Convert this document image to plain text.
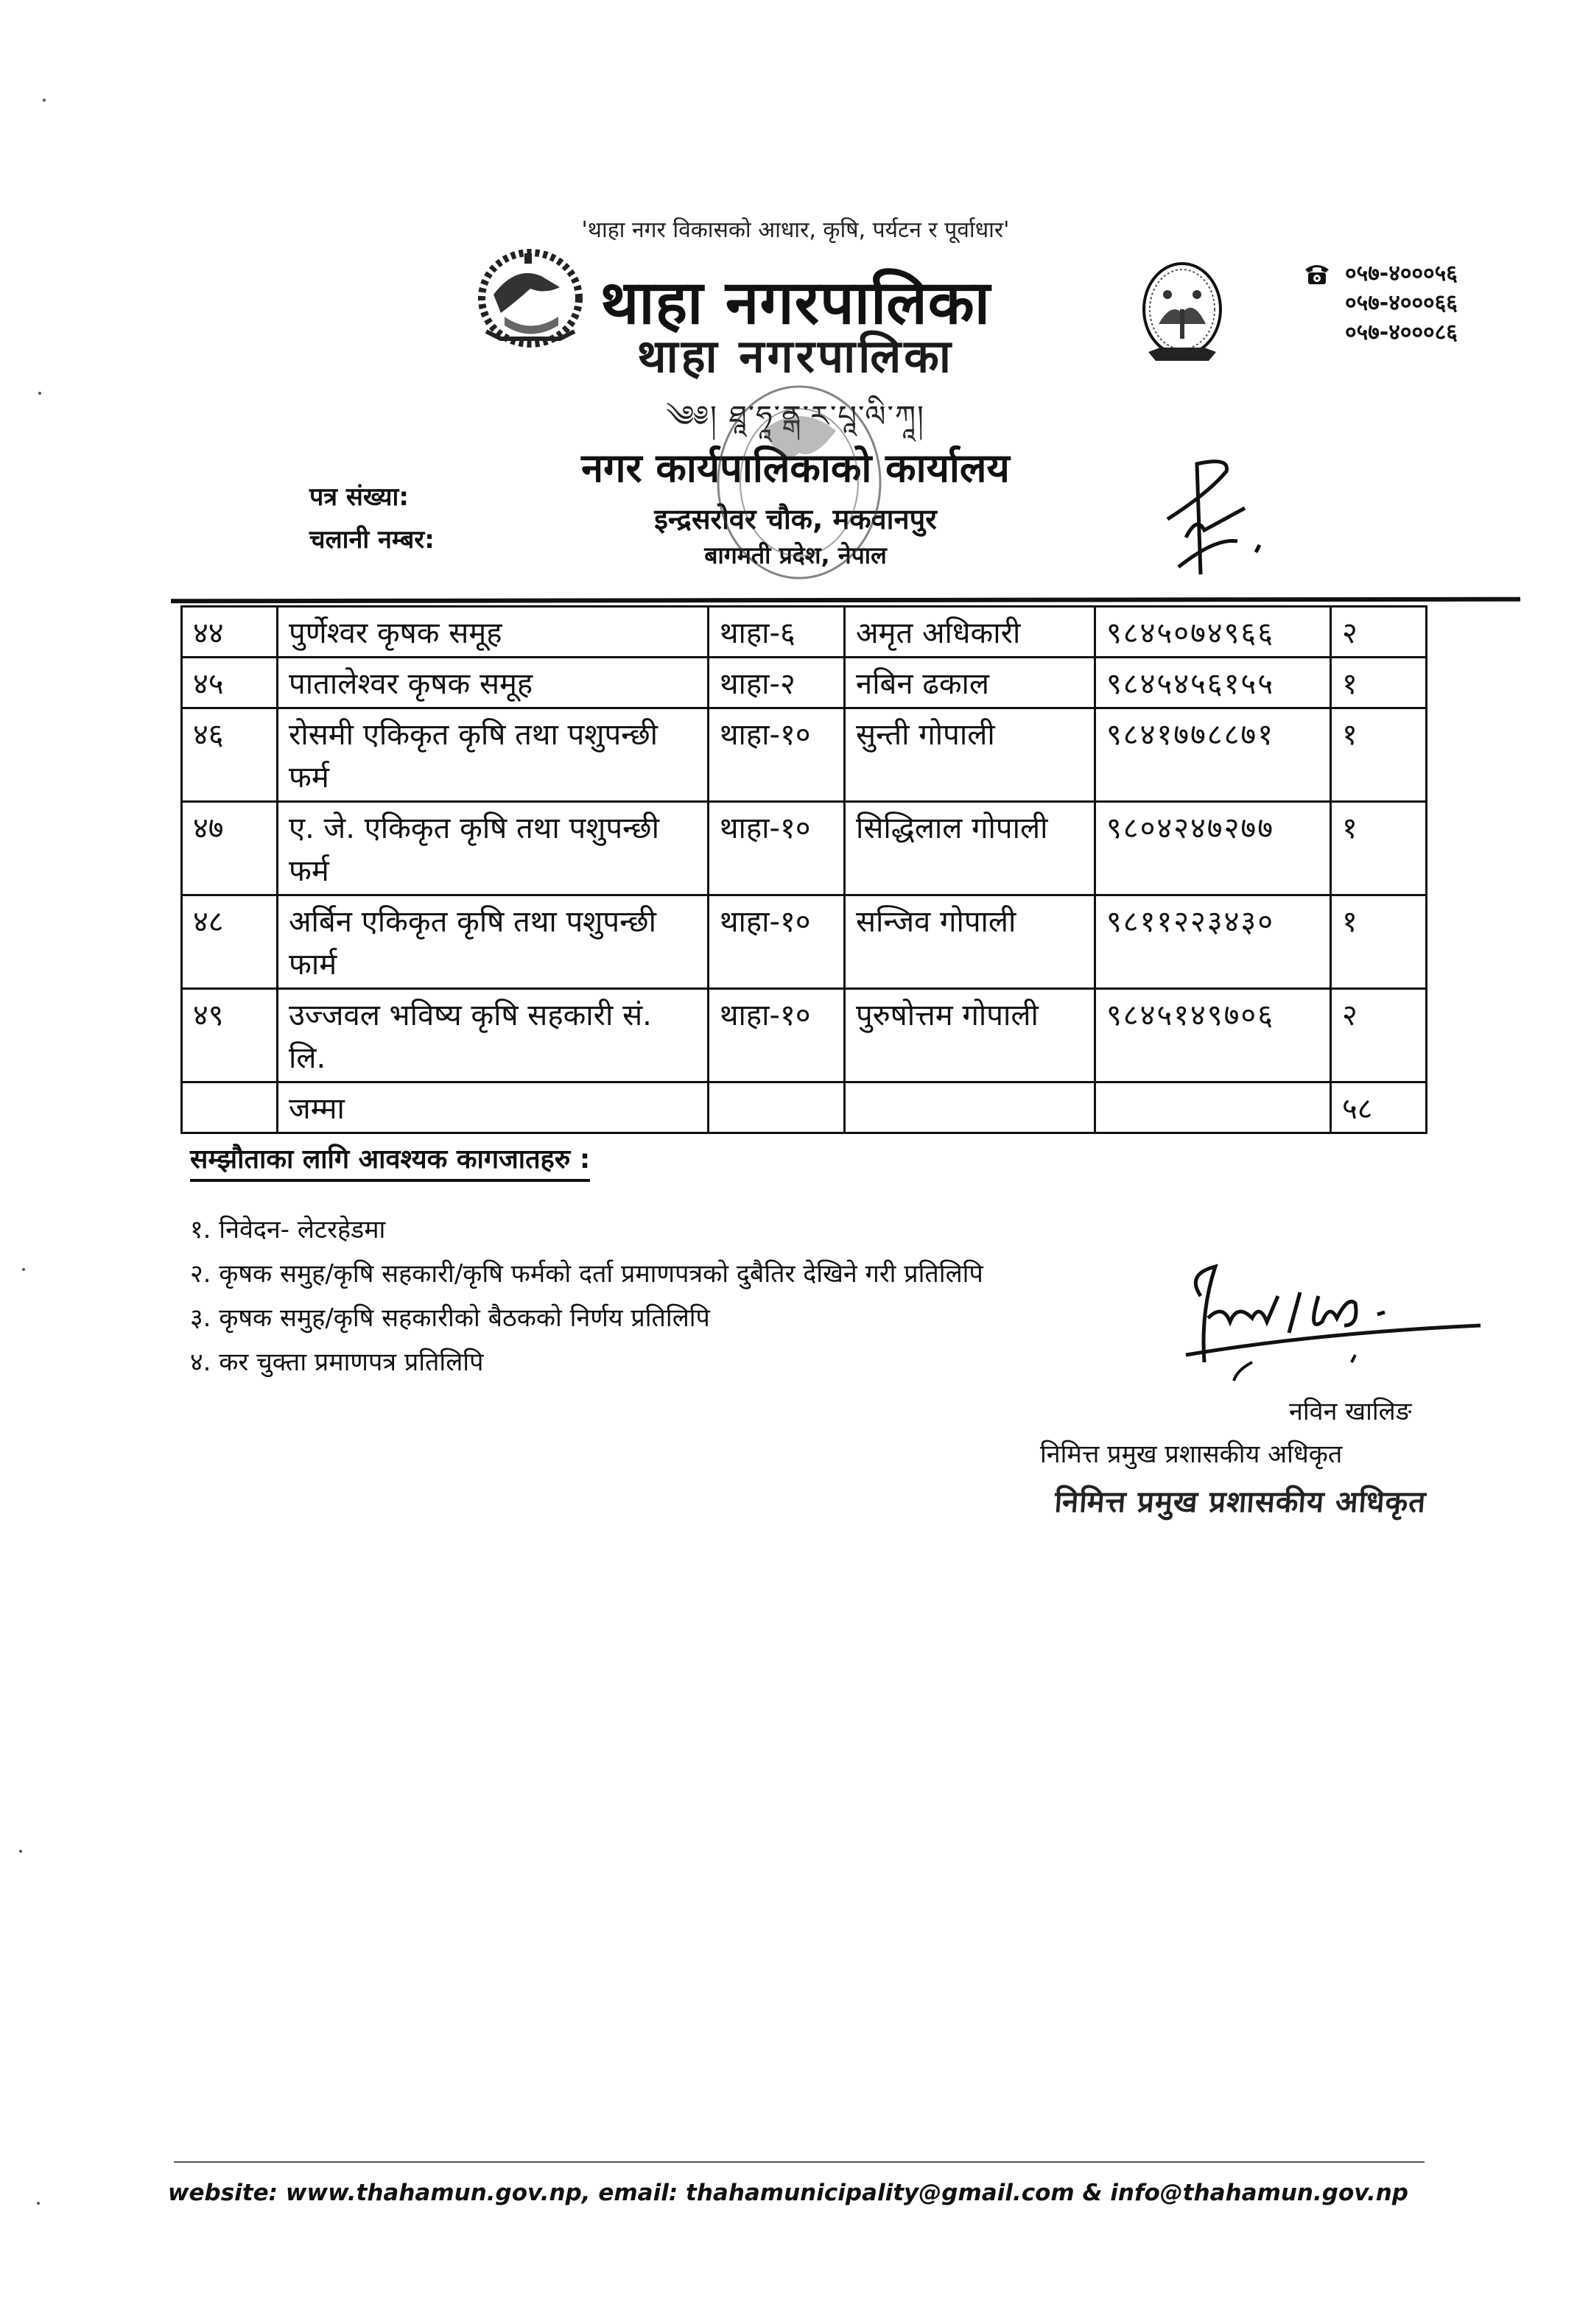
'थाहा नगर विकासको आधार, कृषि, पर्यटन र पूर्वाधार'
थाहा नगरपालिका
थाहा नगरपालिका
༄༅། ཐཱ་ཧཱ་ནྒ་ར་པཱ་ལི་ཀཱ།
नगर कार्यपालिकाको कार्यालय
इन्द्रसरोवर चौक, मकवानपुर
बागमती प्रदेश, नेपाल
०५७-४०००५६
०५७-४०००६६
०५७-४०००८६
पत्र संख्या:
चलानी नम्बर:
४४	पुर्णेश्वर कृषक समूह	थाहा-६	अमृत अधिकारी	९८४५०७४९६६	२
४५	पातालेश्वर कृषक समूह	थाहा-२	नबिन ढकाल	९८४५४५६१५५	१
४६	रोसमी एकिकृत कृषि तथा पशुपन्छी फर्म	थाहा-१०	सुन्ती गोपाली	९८४१७७८८७१	१
४७	ए. जे. एकिकृत कृषि तथा पशुपन्छी फर्म	थाहा-१०	सिद्धिलाल गोपाली	९८०४२४७२७७	१
४८	अर्बिन एकिकृत कृषि तथा पशुपन्छी फार्म	थाहा-१०	सन्जिव गोपाली	९८११२२३४३०	१
४९	उज्जवल भविष्य कृषि सहकारी सं. लि.	थाहा-१०	पुरुषोत्तम गोपाली	९८४५१४९७०६	२
	जम्मा				५८
सम्झौताका लागि आवश्यक कागजातहरु :
१. निवेदन- लेटरहेडमा
२. कृषक समुह/कृषि सहकारी/कृषि फर्मको दर्ता प्रमाणपत्रको दुबैतिर देखिने गरी प्रतिलिपि
३. कृषक समुह/कृषि सहकारीको बैठकको निर्णय प्रतिलिपि
४. कर चुक्ता प्रमाणपत्र प्रतिलिपि
नविन खालिङ
निमित्त प्रमुख प्रशासकीय अधिकृत
निमित्त प्रमुख प्रशासकीय अधिकृत
website: www.thahamun.gov.np, email: thahamunicipality@gmail.com & info@thahamun.gov.np
